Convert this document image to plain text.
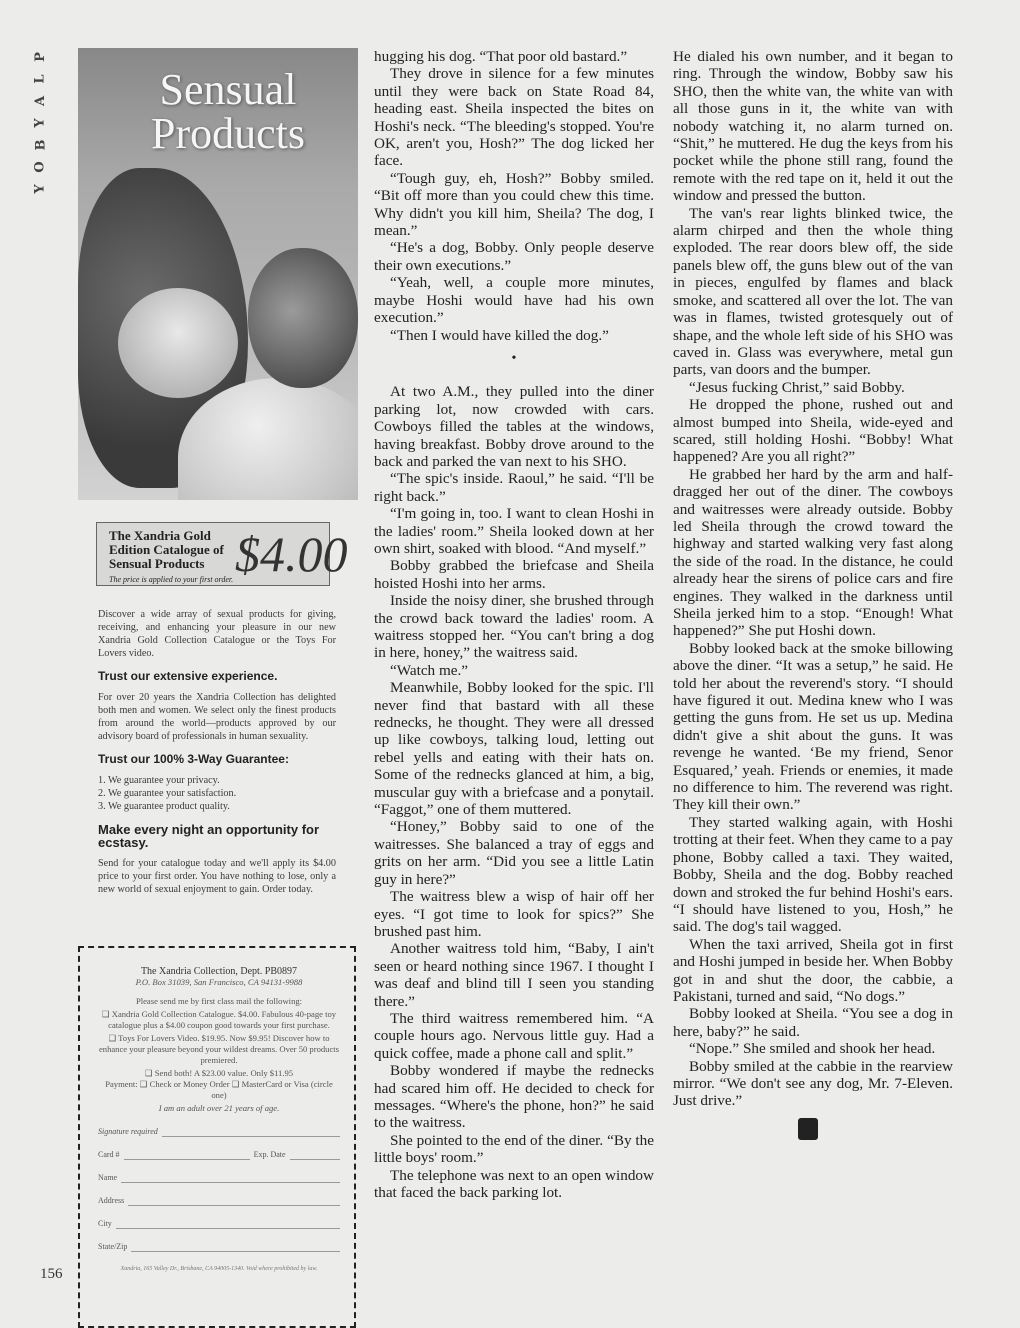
P
L
A
Y
B
O
Y
156
Sensual
Products
The Xandria Gold Edition Catalogue of Sensual Products
The price is applied to your first order. $4.00
Discover a wide array of sexual products for giving, receiving, and enhancing your pleasure in our new Xandria Gold Collection Catalogue or the Toys For Lovers video.
Trust our extensive experience.
For over 20 years the Xandria Collection has delighted both men and women. We select only the finest products from around the world—products approved by our advisory board of professionals in human sexuality.
Trust our 100% 3-Way Guarantee:
1. We guarantee your privacy.
2. We guarantee your satisfaction.
3. We guarantee product quality.
Make every night an opportunity for ecstasy.
Send for your catalogue today and we'll apply its $4.00 price to your first order. You have nothing to lose, only a new world of sexual enjoyment to gain. Order today.
The Xandria Collection, Dept. PB0897
P.O. Box 31039, San Francisco, CA 94131-9988
Please send me by first class mail the following:
❑ Xandria Gold Collection Catalogue. $4.00. Fabulous 40-page toy catalogue plus a $4.00 coupon good towards your first purchase.
❑ Toys For Lovers Video. $19.95. Now $9.95! Discover how to enhance your pleasure beyond your wildest dreams. Over 50 products premiered.
❑ Send both! A $23.00 value. Only $11.95
Payment: ❑ Check or Money Order ❑ MasterCard or Visa (circle one)
I am an adult over 21 years of age.
Signature required
Card #	Exp. Date
Name
Address
City
State/Zip
Xandria, 165 Valley Dr., Brisbane, CA 94005-1340. Void where prohibited by law.

hugging his dog. “That poor old bastard.”

They drove in silence for a few minutes until they were back on State Road 84, heading east. Sheila inspected the bites on Hoshi's neck. “The bleeding's stopped. You're OK, aren't you, Hosh?” The dog licked her face.

“Tough guy, eh, Hosh?” Bobby smiled. “Bit off more than you could chew this time. Why didn't you kill him, Sheila? The dog, I mean.”

“He's a dog, Bobby. Only people deserve their own executions.”

“Yeah, well, a couple more minutes, maybe Hoshi would have had his own execution.”

“Then I would have killed the dog.”

•

At two A.M., they pulled into the diner parking lot, now crowded with cars. Cowboys filled the tables at the windows, having breakfast. Bobby drove around to the back and parked the van next to his SHO.

“The spic's inside. Raoul,” he said. “I'll be right back.”

“I'm going in, too. I want to clean Hoshi in the ladies' room.” Sheila looked down at her own shirt, soaked with blood. “And myself.”

Bobby grabbed the briefcase and Sheila hoisted Hoshi into her arms.

Inside the noisy diner, she brushed through the crowd back toward the ladies' room. A waitress stopped her. “You can't bring a dog in here, honey,” the waitress said.

“Watch me.”

Meanwhile, Bobby looked for the spic. I'll never find that bastard with all these rednecks, he thought. They were all dressed up like cowboys, talking loud, letting out rebel yells and eating with their hats on. Some of the rednecks glanced at him, a big, muscular guy with a briefcase and a ponytail. “Faggot,” one of them muttered.

“Honey,” Bobby said to one of the waitresses. She balanced a tray of eggs and grits on her arm. “Did you see a little Latin guy in here?”

The waitress blew a wisp of hair off her eyes. “I got time to look for spics?” She brushed past him.

Another waitress told him, “Baby, I ain't seen or heard nothing since 1967. I thought I was deaf and blind till I seen you standing there.”

The third waitress remembered him. “A couple hours ago. Nervous little guy. Had a quick coffee, made a phone call and split.”

Bobby wondered if maybe the rednecks had scared him off. He decided to check for messages. “Where's the phone, hon?” he said to the waitress.

She pointed to the end of the diner. “By the little boys' room.”

The telephone was next to an open window that faced the back parking lot.

He dialed his own number, and it began to ring. Through the window, Bobby saw his SHO, then the white van, the white van with all those guns in it, the white van with nobody watching it, no alarm turned on. “Shit,” he muttered. He dug the keys from his pocket while the phone still rang, found the remote with the red tape on it, held it out the window and pressed the button.

The van's rear lights blinked twice, the alarm chirped and then the whole thing exploded. The rear doors blew off, the side panels blew off, the guns blew out of the van in pieces, engulfed by flames and black smoke, and scattered all over the lot. The van was in flames, twisted grotesquely out of shape, and the whole left side of his SHO was caved in. Glass was everywhere, metal gun parts, van doors and the bumper.

“Jesus fucking Christ,” said Bobby.

He dropped the phone, rushed out and almost bumped into Sheila, wide-eyed and scared, still holding Hoshi. “Bobby! What happened? Are you all right?”

He grabbed her hard by the arm and half-dragged her out of the diner. The cowboys and waitresses were already outside. Bobby led Sheila through the crowd toward the highway and started walking very fast along the side of the road. In the distance, he could already hear the sirens of police cars and fire engines. They walked in the darkness until Sheila jerked him to a stop. “Enough! What happened?” She put Hoshi down.

Bobby looked back at the smoke billowing above the diner. “It was a setup,” he said. He told her about the reverend's story. “I should have figured it out. Medina knew who I was getting the guns from. He set us up. Medina didn't give a shit about the guns. It was revenge he wanted. ‘Be my friend, Senor Esquared,’ yeah. Friends or enemies, it made no difference to him. The reverend was right. They kill their own.”

They started walking again, with Hoshi trotting at their feet. When they came to a pay phone, Bobby called a taxi. They waited, Bobby, Sheila and the dog. Bobby reached down and stroked the fur behind Hoshi's ears. “I should have listened to you, Hosh,” he said. The dog's tail wagged.

When the taxi arrived, Sheila got in first and Hoshi jumped in beside her. When Bobby got in and shut the door, the cabbie, a Pakistani, turned and said, “No dogs.”

Bobby looked at Sheila. “You see a dog in here, baby?” he said.

“Nope.” She smiled and shook her head.

Bobby smiled at the cabbie in the rearview mirror. “We don't see any dog, Mr. 7-Eleven. Just drive.”
